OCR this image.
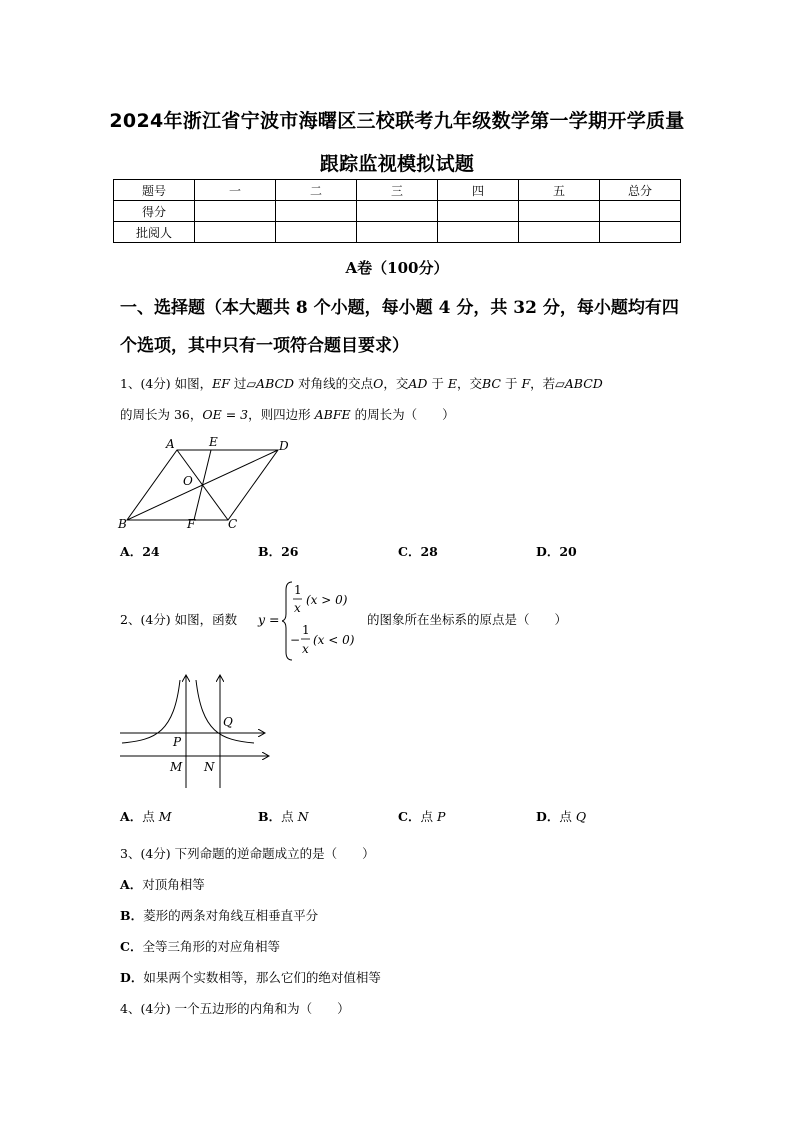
2024年浙江省宁波市海曙区三校联考九年级数学第一学期开学质量
跟踪监视模拟试题
题号	一	二	三	四	五	总分
得分						
批阅人						
A卷（100分）
一、选择题（本大题共 8 个小题，每小题 4 分，共 32 分，每小题均有四个选项，其中只有一项符合题目要求）
1、(4分) 如图，EF 过▱ABCD 对角线的交点O，交AD 于 E，交BC 于 F，若▱ABCD
的周长为 36，OE = 3，则四边形 ABFE 的周长为（　　）
A	E	D
O
B	F	C
A．24	B．26	C．28	D．20
2、(4分) 如图，函数 y =
1
x
(x > 0)
−
1
x
(x < 0)
的图象所在坐标系的原点是（　　）
Q
P
M N
A．点 M	B．点 N	C．点 P	D．点 Q
3、(4分) 下列命题的逆命题成立的是（　　）
A．对顶角相等
B．菱形的两条对角线互相垂直平分
C．全等三角形的对应角相等
D．如果两个实数相等，那么它们的绝对值相等
4、(4分) 一个五边形的内角和为（　　）
